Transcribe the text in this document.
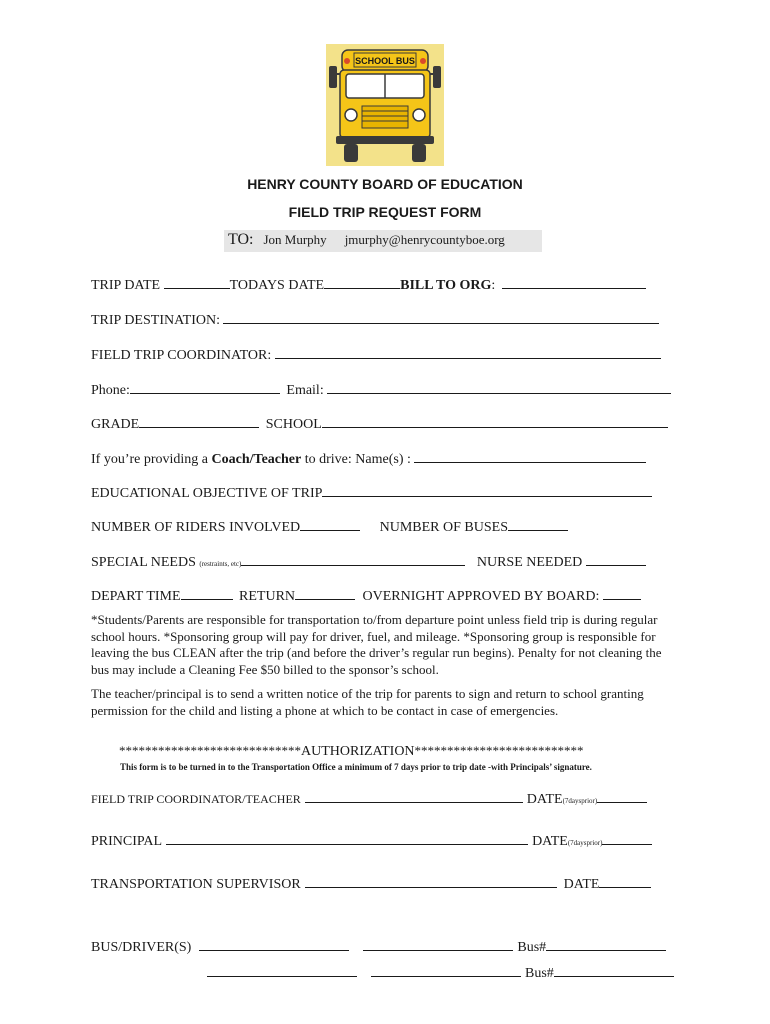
SCHOOL BUS
HENRY COUNTY BOARD OF EDUCATION
FIELD TRIP REQUEST FORM
TO: Jon Murphy jmurphy@henrycountyboe.org
TRIP DATE	TODAYS DATE	BILL TO ORG:
TRIP DESTINATION:
FIELD TRIP COORDINATOR:
Phone:	Email:
GRADE	SCHOOL
If you’re providing a Coach/Teacher to drive: Name(s) :
EDUCATIONAL OBJECTIVE OF TRIP
NUMBER OF RIDERS INVOLVED	NUMBER OF BUSES
SPECIAL NEEDS (restraints, etc)	NURSE NEEDED
DEPART TIME	RETURN	OVERNIGHT APPROVED BY BOARD:
*Students/Parents are responsible for transportation to/from departure point unless field trip is during regular school hours. *Sponsoring group will pay for driver, fuel, and mileage. *Sponsoring group is responsible for leaving the bus CLEAN after the trip (and before the driver’s regular run begins). Penalty for not cleaning the bus may include a Cleaning Fee $50 billed to the sponsor’s school.
The teacher/principal is to send a written notice of the trip for parents to sign and return to school granting permission for the child and listing a phone at which to be contact in case of emergencies.
****************************AUTHORIZATION**************************
This form is to be turned in to the Transportation Office a minimum of 7 days prior to trip date -with Principals’ signature.
FIELD TRIP COORDINATOR/TEACHER	DATE(7daysprior)
PRINCIPAL	DATE(7daysprior)
TRANSPORTATION SUPERVISOR	DATE
BUS/DRIVER(S)	Bus#
Bus#
